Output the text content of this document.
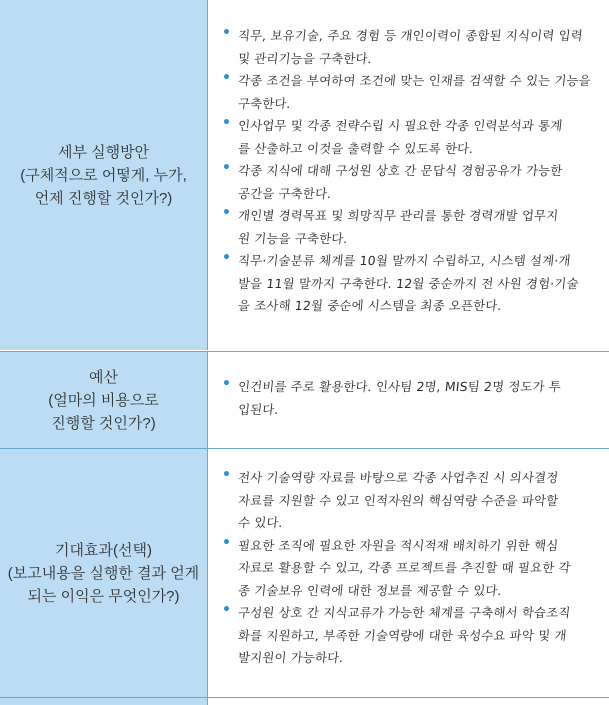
세부 실행방안
(구체적으로 어떻게, 누가,
언제 진행할 것인가?)
• 직무, 보유기술, 주요 경험 등 개인이력이 종합된 지식이력 입력
및 관리기능을 구축한다.
• 각종 조건을 부여하여 조건에 맞는 인재를 검색할 수 있는 기능을
구축한다.
• 인사업무 및 각종 전략수립 시 필요한 각종 인력분석과 통계
를 산출하고 이것을 출력할 수 있도록 한다.
• 각종 지식에 대해 구성원 상호 간 문답식 경험공유가 가능한
공간을 구축한다.
• 개인별 경력목표 및 희망직무 관리를 통한 경력개발 업무지
원 기능을 구축한다.
• 직무·기술분류 체계를 10월 말까지 수립하고, 시스템 설계·개
발을 11월 말까지 구축한다. 12월 중순까지 전 사원 경험·기술
을 조사해 12월 중순에 시스템을 최종 오픈한다.
예산
(얼마의 비용으로
진행할 것인가?)
• 인건비를 주로 활용한다. 인사팀 2명, MIS팀 2명 정도가 투
입된다.
기대효과(선택)
(보고내용을 실행한 결과 얻게
되는 이익은 무엇인가?)
• 전사 기술역량 자료를 바탕으로 각종 사업추진 시 의사결정
자료를 지원할 수 있고 인적자원의 핵심역량 수준을 파악할
수 있다.
• 필요한 조직에 필요한 자원을 적시적재 배치하기 위한 핵심
자료로 활용할 수 있고, 각종 프로젝트를 추진할 때 필요한 각
종 기술보유 인력에 대한 정보를 제공할 수 있다.
• 구성원 상호 간 지식교류가 가능한 체계를 구축해서 학습조직
화를 지원하고, 부족한 기술역량에 대한 육성수요 파악 및 개
발지원이 가능하다.
